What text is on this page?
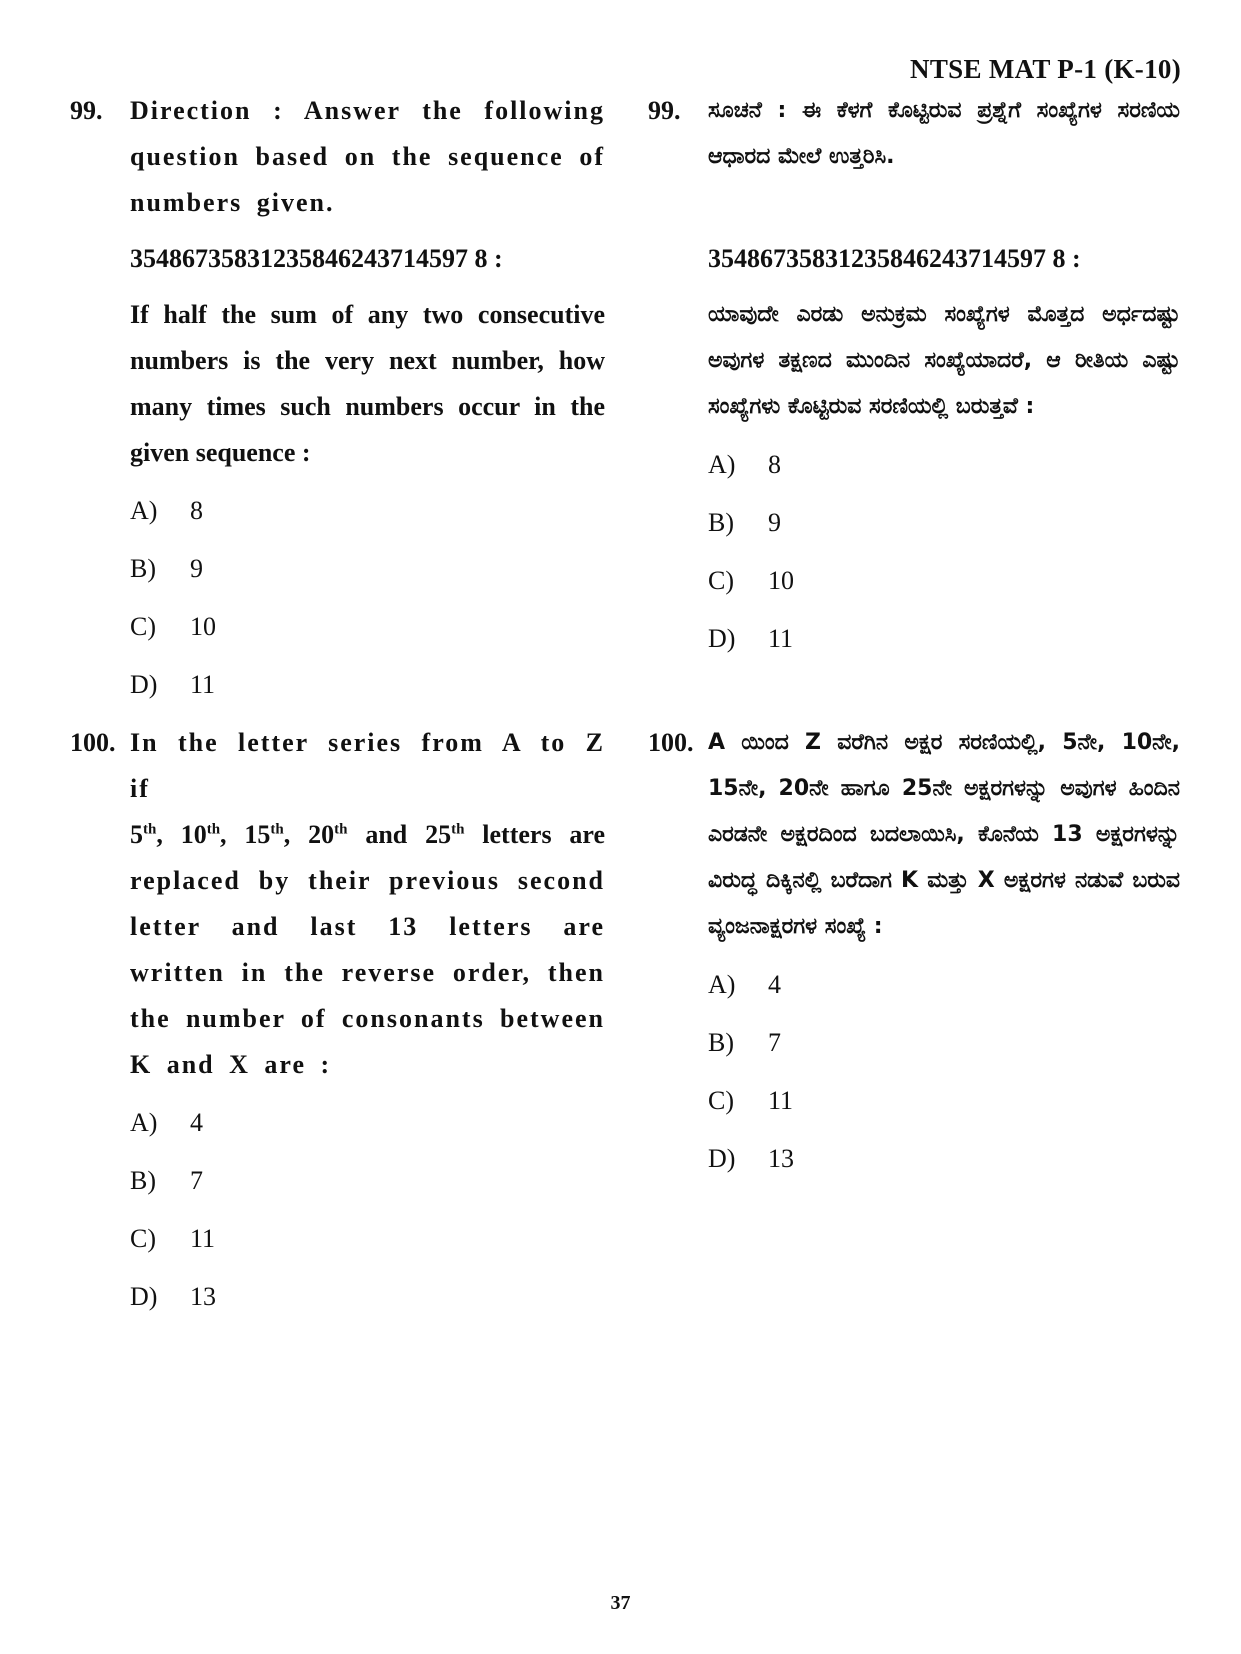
NTSE MAT P-1 (K-10)
99. Direction : Answer the following question based on the sequence of numbers given.
35486735831235846243714597 8 :
If half the sum of any two consecutive numbers is the very next number, how many times such numbers occur in the given sequence :
A)	8
B)	9
C)	10
D)	11
100. In the letter series from A to Z if
5th, 10th, 15th, 20th and 25th letters are replaced by their previous second letter and last 13 letters are written in the reverse order, then the number of consonants between K and X are :
A)	4
B)	7
C)	11
D)	13
99. ಸೂಚನೆ : ಈ ಕೆಳಗೆ ಕೊಟ್ಟಿರುವ ಪ್ರಶ್ನೆಗೆ ಸಂಖ್ಯೆಗಳ ಸರಣಿಯ ಆಧಾರದ ಮೇಲೆ ಉತ್ತರಿಸಿ.
35486735831235846243714597 8 :
ಯಾವುದೇ ಎರಡು ಅನುಕ್ರಮ ಸಂಖ್ಯೆಗಳ ಮೊತ್ತದ ಅರ್ಧದಷ್ಟು ಅವುಗಳ ತಕ್ಷಣದ ಮುಂದಿನ ಸಂಖ್ಯೆಯಾದರೆ, ಆ ರೀತಿಯ ಎಷ್ಟು ಸಂಖ್ಯೆಗಳು ಕೊಟ್ಟಿರುವ ಸರಣಿಯಲ್ಲಿ ಬರುತ್ತವೆ :
A)	8
B)	9
C)	10
D)	11
100. A ಯಿಂದ Z ವರೆಗಿನ ಅಕ್ಷರ ಸರಣಿಯಲ್ಲಿ, 5ನೇ, 10ನೇ, 15ನೇ, 20ನೇ ಹಾಗೂ 25ನೇ ಅಕ್ಷರಗಳನ್ನು ಅವುಗಳ ಹಿಂದಿನ ಎರಡನೇ ಅಕ್ಷರದಿಂದ ಬದಲಾಯಿಸಿ, ಕೊನೆಯ 13 ಅಕ್ಷರಗಳನ್ನು ವಿರುದ್ಧ ದಿಕ್ಕಿನಲ್ಲಿ ಬರೆದಾಗ K ಮತ್ತು X ಅಕ್ಷರಗಳ ನಡುವೆ ಬರುವ ವ್ಯಂಜನಾಕ್ಷರಗಳ ಸಂಖ್ಯೆ :
A)	4
B)	7
C)	11
D)	13
37
